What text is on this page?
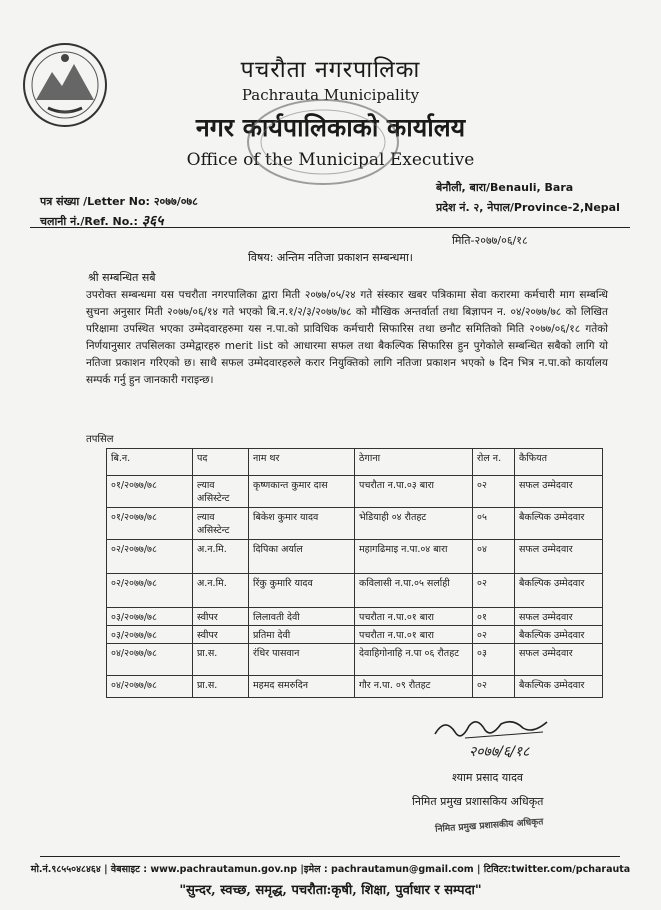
पचरौता नगरपालिका
Pachrauta Municipality
नगर कार्यपालिकाको कार्यालय
Office of the Municipal Executive
पत्र संख्या /Letter No: २०७७/०७८
चलानी नं./Ref. No.: ३६५
बेनौली, बारा/Benauli, Bara
प्रदेश नं. २, नेपाल/Province-2,Nepal
मिति-२०७७/०६/१८
विषय: अन्तिम नतिजा प्रकाशन सम्बन्धमा।
श्री सम्बन्धित सबै
उपरोक्त सम्बन्धमा यस पचरौता नगरपालिका द्वारा मिती २०७७/०५/२४ गते संस्कार खबर पत्रिकामा सेवा करारमा कर्मचारी माग सम्बन्धि सुचना अनुसार मिती २०७७/०६/१४ गते भएको बि.न.१/२/३/२०७७/७८ को मौखिक अन्तर्वार्ता तथा बिज्ञापन न. ०४/२०७७/७८ को लिखित परिक्षामा उपस्थित भएका उम्मेदवारहरुमा यस न.पा.को प्राविधिक कर्मचारी सिफारिस तथा छनौट समितिको मिति २०७७/०६/१८ गतेको निर्णयानुसार तपसिलका उम्मेद्वारहरु merit list को आधारमा सफल तथा बैकल्पिक सिफारिस हुन पुगेकोले सम्बन्धित सबैको लागि यो नतिजा प्रकाशन गरिएको छ। साथै सफल उम्मेदवारहरुले करार नियुक्तिको लागि नतिजा प्रकाशन भएको ७ दिन भित्र न.पा.को कार्यालय सम्पर्क गर्नु हुन जानकारी गराइन्छ।
तपसिल
बि.न.	पद	नाम थर	ठेगाना	रोल न.	कैफियत
०१/२०७७/७८	ल्याव असिस्टेन्ट	कृष्णकान्त कुमार दास	पचरौता न.पा.०३ बारा	०२	सफल उम्मेदवार
०१/२०७७/७८	ल्याव असिस्टेन्ट	बिकेश कुमार यादव	भेडियाही ०४ रौतहट	०५	बैकल्पिक उम्मेदवार
०२/२०७७/७८	अ.न.मि.	दिपिका अर्याल	महागढिमाइ न.पा.०४ बारा	०४	सफल उम्मेदवार
०२/२०७७/७८	अ.न.मि.	रिंकु कुमारि यादव	कविलासी न.पा.०५ सर्लाही	०२	बैकल्पिक उम्मेदवार
०३/२०७७/७८	स्वीपर	लिलावती देवी	पचरौता न.पा.०१ बारा	०१	सफल उम्मेदवार
०३/२०७७/७८	स्वीपर	प्रतिमा देवी	पचरौता न.पा.०१ बारा	०२	बैकल्पिक उम्मेदवार
०४/२०७७/७८	प्रा.स.	रंधिर पासवान	देवाहिगोनाहि न.पा ०६ रौतहट	०३	सफल उम्मेदवार
०४/२०७७/७८	प्रा.स.	महमद समरुदिन	गौर न.पा. ०९ रौतहट	०२	बैकल्पिक उम्मेदवार
२०७७/६/१८
श्याम प्रसाद यादव
निमित प्रमुख प्रशासकिय अधिकृत
निमित प्रमुख प्रशासकीय अधिकृत
मो.नं.९८५५०४८४६४ | वेबसाइट : www.pachrautamun.gov.np |इमेल : pachrautamun@gmail.com | टिविटर:twitter.com/pcharauta
"सुन्दर, स्वच्छ, समृद्ध, पचरौता:कृषी, शिक्षा, पुर्वाधार र सम्पदा"
